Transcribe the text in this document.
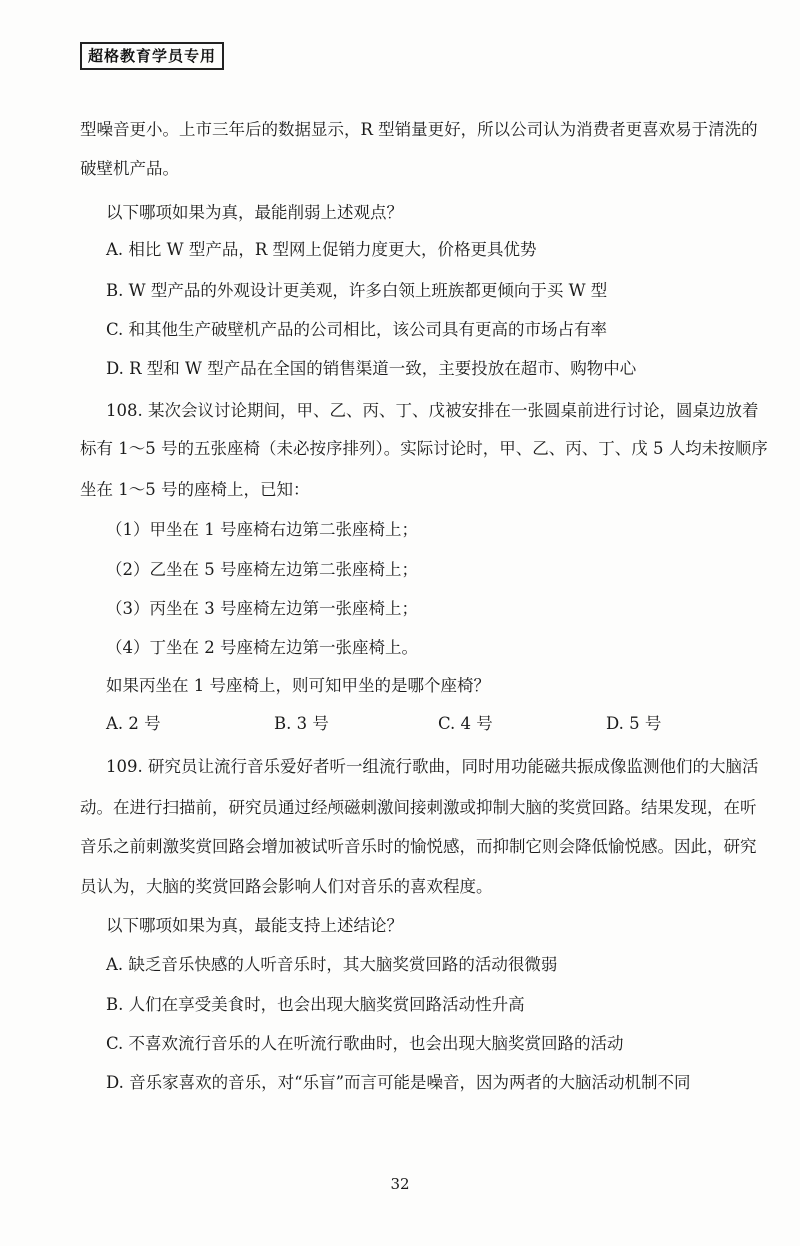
超格教育学员专用
型噪音更小。上市三年后的数据显示，R 型销量更好，所以公司认为消费者更喜欢易于清洗的
破壁机产品。
以下哪项如果为真，最能削弱上述观点？
A. 相比 W 型产品，R 型网上促销力度更大，价格更具优势
B. W 型产品的外观设计更美观，许多白领上班族都更倾向于买 W 型
C. 和其他生产破壁机产品的公司相比，该公司具有更高的市场占有率
D. R 型和 W 型产品在全国的销售渠道一致，主要投放在超市、购物中心
108. 某次会议讨论期间，甲、乙、丙、丁、戊被安排在一张圆桌前进行讨论，圆桌边放着
标有 1～5 号的五张座椅（未必按序排列）。实际讨论时，甲、乙、丙、丁、戊 5 人均未按顺序
坐在 1～5 号的座椅上，已知：
（1）甲坐在 1 号座椅右边第二张座椅上；
（2）乙坐在 5 号座椅左边第二张座椅上；
（3）丙坐在 3 号座椅左边第一张座椅上；
（4）丁坐在 2 号座椅左边第一张座椅上。
如果丙坐在 1 号座椅上，则可知甲坐的是哪个座椅？
A. 2 号	B. 3 号	C. 4 号	D. 5 号
109. 研究员让流行音乐爱好者听一组流行歌曲，同时用功能磁共振成像监测他们的大脑活
动。在进行扫描前，研究员通过经颅磁刺激间接刺激或抑制大脑的奖赏回路。结果发现，在听
音乐之前刺激奖赏回路会增加被试听音乐时的愉悦感，而抑制它则会降低愉悦感。因此，研究
员认为，大脑的奖赏回路会影响人们对音乐的喜欢程度。
以下哪项如果为真，最能支持上述结论？
A. 缺乏音乐快感的人听音乐时，其大脑奖赏回路的活动很微弱
B. 人们在享受美食时，也会出现大脑奖赏回路活动性升高
C. 不喜欢流行音乐的人在听流行歌曲时，也会出现大脑奖赏回路的活动
D. 音乐家喜欢的音乐，对“乐盲”而言可能是噪音，因为两者的大脑活动机制不同
32
